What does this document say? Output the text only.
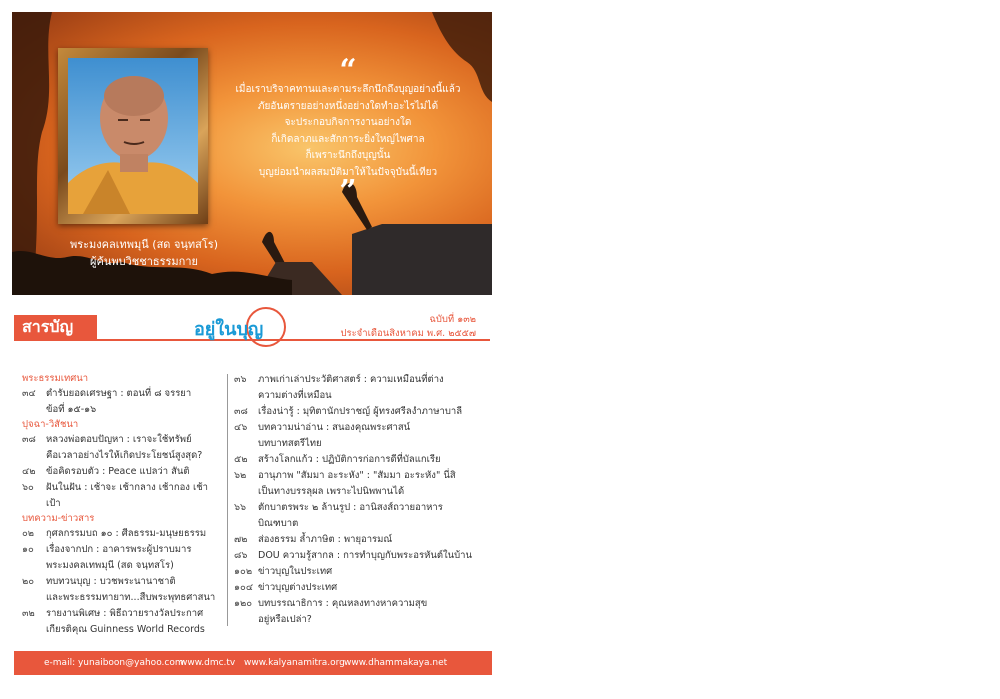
พระมงคลเทพมุนี (สด จนฺทสโร)
ผู้ค้นพบวิชชาธรรมกาย
“
เมื่อเราบริจาคทานและตามระลึกนึกถึงบุญอย่างนี้แล้ว
ภัยอันตรายอย่างหนึ่งอย่างใดทำอะไรไม่ได้
จะประกอบกิจการงานอย่างใด
ก็เกิดลาภและสักการะยิ่งใหญ่ไพศาล
ก็เพราะนึกถึงบุญนั้น
บุญย่อมนำผลสมบัติมาให้ในปัจจุบันนี้เทียว
”
สารบัญ	อยู่ในบุญ	ฉบับที่ ๑๓๒
ประจำเดือนสิงหาคม พ.ศ. ๒๕๕๗
พระธรรมเทศนา
๓๔	ตำรับยอดเศรษฐา : ตอนที่ ๘ จรรยา
ข้อที่ ๑๕-๑๖
ปุจฉา-วิสัชนา
๓๘	หลวงพ่อตอบปัญหา : เราจะใช้ทรัพย์
คือเวลาอย่างไรให้เกิดประโยชน์สูงสุด?
๔๒	ข้อคิดรอบตัว : Peace แปลว่า สันติ
๖๐	ฝันในฝัน : เช้าจะ เช้ากลาง เช้ากอง เช้าเป้า
บทความ-ข่าวสาร
๐๒	กุศลกรรมบถ ๑๐ : ศีลธรรม-มนุษยธรรม
๑๐	เรื่องจากปก : อาคารพระผู้ปราบมาร
พระมงคลเทพมุนี (สด จนฺทสโร)
๒๐	ทบทวนบุญ : บวชพระนานาชาติ
และพระธรรมทายาท...สืบพระพุทธศาสนา
๓๒	รายงานพิเศษ : พิธีถวายรางวัลประกาศ
เกียรติคุณ Guinness World Records
๓๖	ภาพเก่าเล่าประวัติศาสตร์ : ความเหมือนที่ต่าง
ความต่างที่เหมือน
๓๘	เรื่องน่ารู้ : มุทิตานักปราชญ์ ผู้ทรงศรีลงำภาษาบาลี
๔๖	บทความน่าอ่าน : สนองคุณพระศาสน์
บทบาทสตรีไทย
๕๒	สร้างโลกแก้ว : ปฏิบัติการก่อการดีที่บัลแกเรีย
๖๒	อานุภาพ "สัมมา อะระหัง" : "สัมมา อะระหัง" นี่สิ
เป็นทางบรรลุผล เพราะไปนิพพานได้
๖๖	ตักบาตรพระ ๒ ล้านรูป : อานิสงส์ถวายอาหาร
บิณฑบาต
๗๒	ส่องธรรม ล้ำภาษิต : พายุอารมณ์
๘๖	DOU ความรู้สากล : การทำบุญกับพระอรหันต์ในบ้าน
๑๐๒ ข่าวบุญในประเทศ
๑๐๔ ข่าวบุญต่างประเทศ
๑๒๐ บทบรรณาธิการ : คุณหลงทางหาความสุข
อยู่หรือเปล่า?
e-mail: yunaiboon@yahoo.com
www.dmc.tv www.kalyanamitra.org www.dhammakaya.net
